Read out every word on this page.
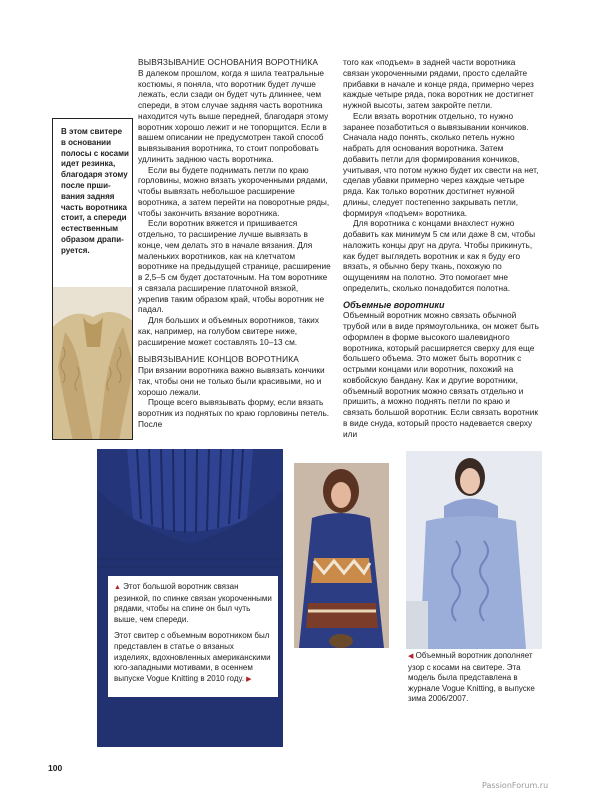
В этом свитере в основании полосы с косами идет резинка, благодаря этому после пршивания задняя часть воротника стоит, а спереди естественным образом драпируется.
ВЫВЯЗЫВАНИЕ ОСНОВАНИЯ ВОРОТНИКА

В далеком прошлом, когда я шила театральные костюмы, я поняла, что воротник будет лучше лежать, если сзади он будет чуть длиннее, чем спереди, в этом случае задняя часть воротника находится чуть выше передней, благодаря этому воротник хорошо лежит и не топорщится. Если в вашем описании не предусмотрен такой способ вывязывания воротника, то стоит попробовать удлинить заднюю часть воротника.

Если вы будете поднимать петли по краю горловины, можно вязать укороченными рядами, чтобы вывязать небольшое расширение воротника, а затем перейти на поворотные ряды, чтобы закончить вязание воротника.

Если воротник вяжется и пришивается отдельно, то расширение лучше вывязать в конце, чем делать это в начале вязания. Для маленьких воротников, как на клетчатом воротнике на предыдущей странице, расширение в 2,5–5 см будет достаточным. На том воротнике я связала расширение платочной вязкой, укрепив таким образом край, чтобы воротник не падал.

Для больших и объемных воротников, таких как, например, на голубом свитере ниже, расширение может составлять 10–13 см.

ВЫВЯЗЫВАНИЕ КОНЦОВ ВОРОТНИКА

При вязании воротника важно вывязать кончики так, чтобы они не только были красивыми, но и хорошо лежали.

Проще всего вывязывать форму, если вязать воротник из поднятых по краю горловины петель. После

того как «подъем» в задней части воротника связан укороченными рядами, просто сделайте прибавки в начале и конце ряда, примерно через каждые четыре ряда, пока воротник не достигнет нужной высоты, затем закройте петли.

Если вязать воротник отдельно, то нужно заранее позаботиться о вывязывании кончиков. Сначала надо понять, сколько петель нужно набрать для основания воротника. Затем добавить петли для формирования кончиков, учитывая, что потом нужно будет их свести на нет, сделав убавки примерно через каждые четыре ряда. Как только воротник достигнет нужной длины, следует постепенно закрывать петли, формируя «подъем» воротника.

Для воротника с концами внахлест нужно добавить как минимум 5 см или даже 8 см, чтобы наложить концы друг на друга. Чтобы прикинуть, как будет выглядеть воротник и как я буду его вязать, я обычно беру ткань, похожую по ощущениям на полотно. Это помогает мне определить, сколько понадобится полотна.

Объемные воротники

Объемный воротник можно связать обычной трубой или в виде прямоугольника, он может быть оформлен в форме высокого шалевидного воротника, который расширяется сверху для еще большего объема. Это может быть воротник с острыми концами или воротник, похожий на ковбойскую бандану. Как и другие воротники, объемный воротник можно связать отдельно и пришить, а можно поднять петли по краю и связать большой воротник. Если связать воротник в виде снуда, который просто надевается сверху или

▲ Этот большой воротник связан резинкой, по спинке связан укороченными рядами, чтобы на спине он был чуть выше, чем спереди.

Этот свитер с объемным воротником был представлен в статье о вязаных изделиях, вдохновленных американскими юго-западными мотивами, в осеннем выпуске Vogue Knitting в 2010 году. ▶

◀ Объемный воротник дополняет узор с косами на свитере. Эта модель была представлена в журнале Vogue Knitting, в выпуске зима 2006/2007.
100
PassionForum.ru
